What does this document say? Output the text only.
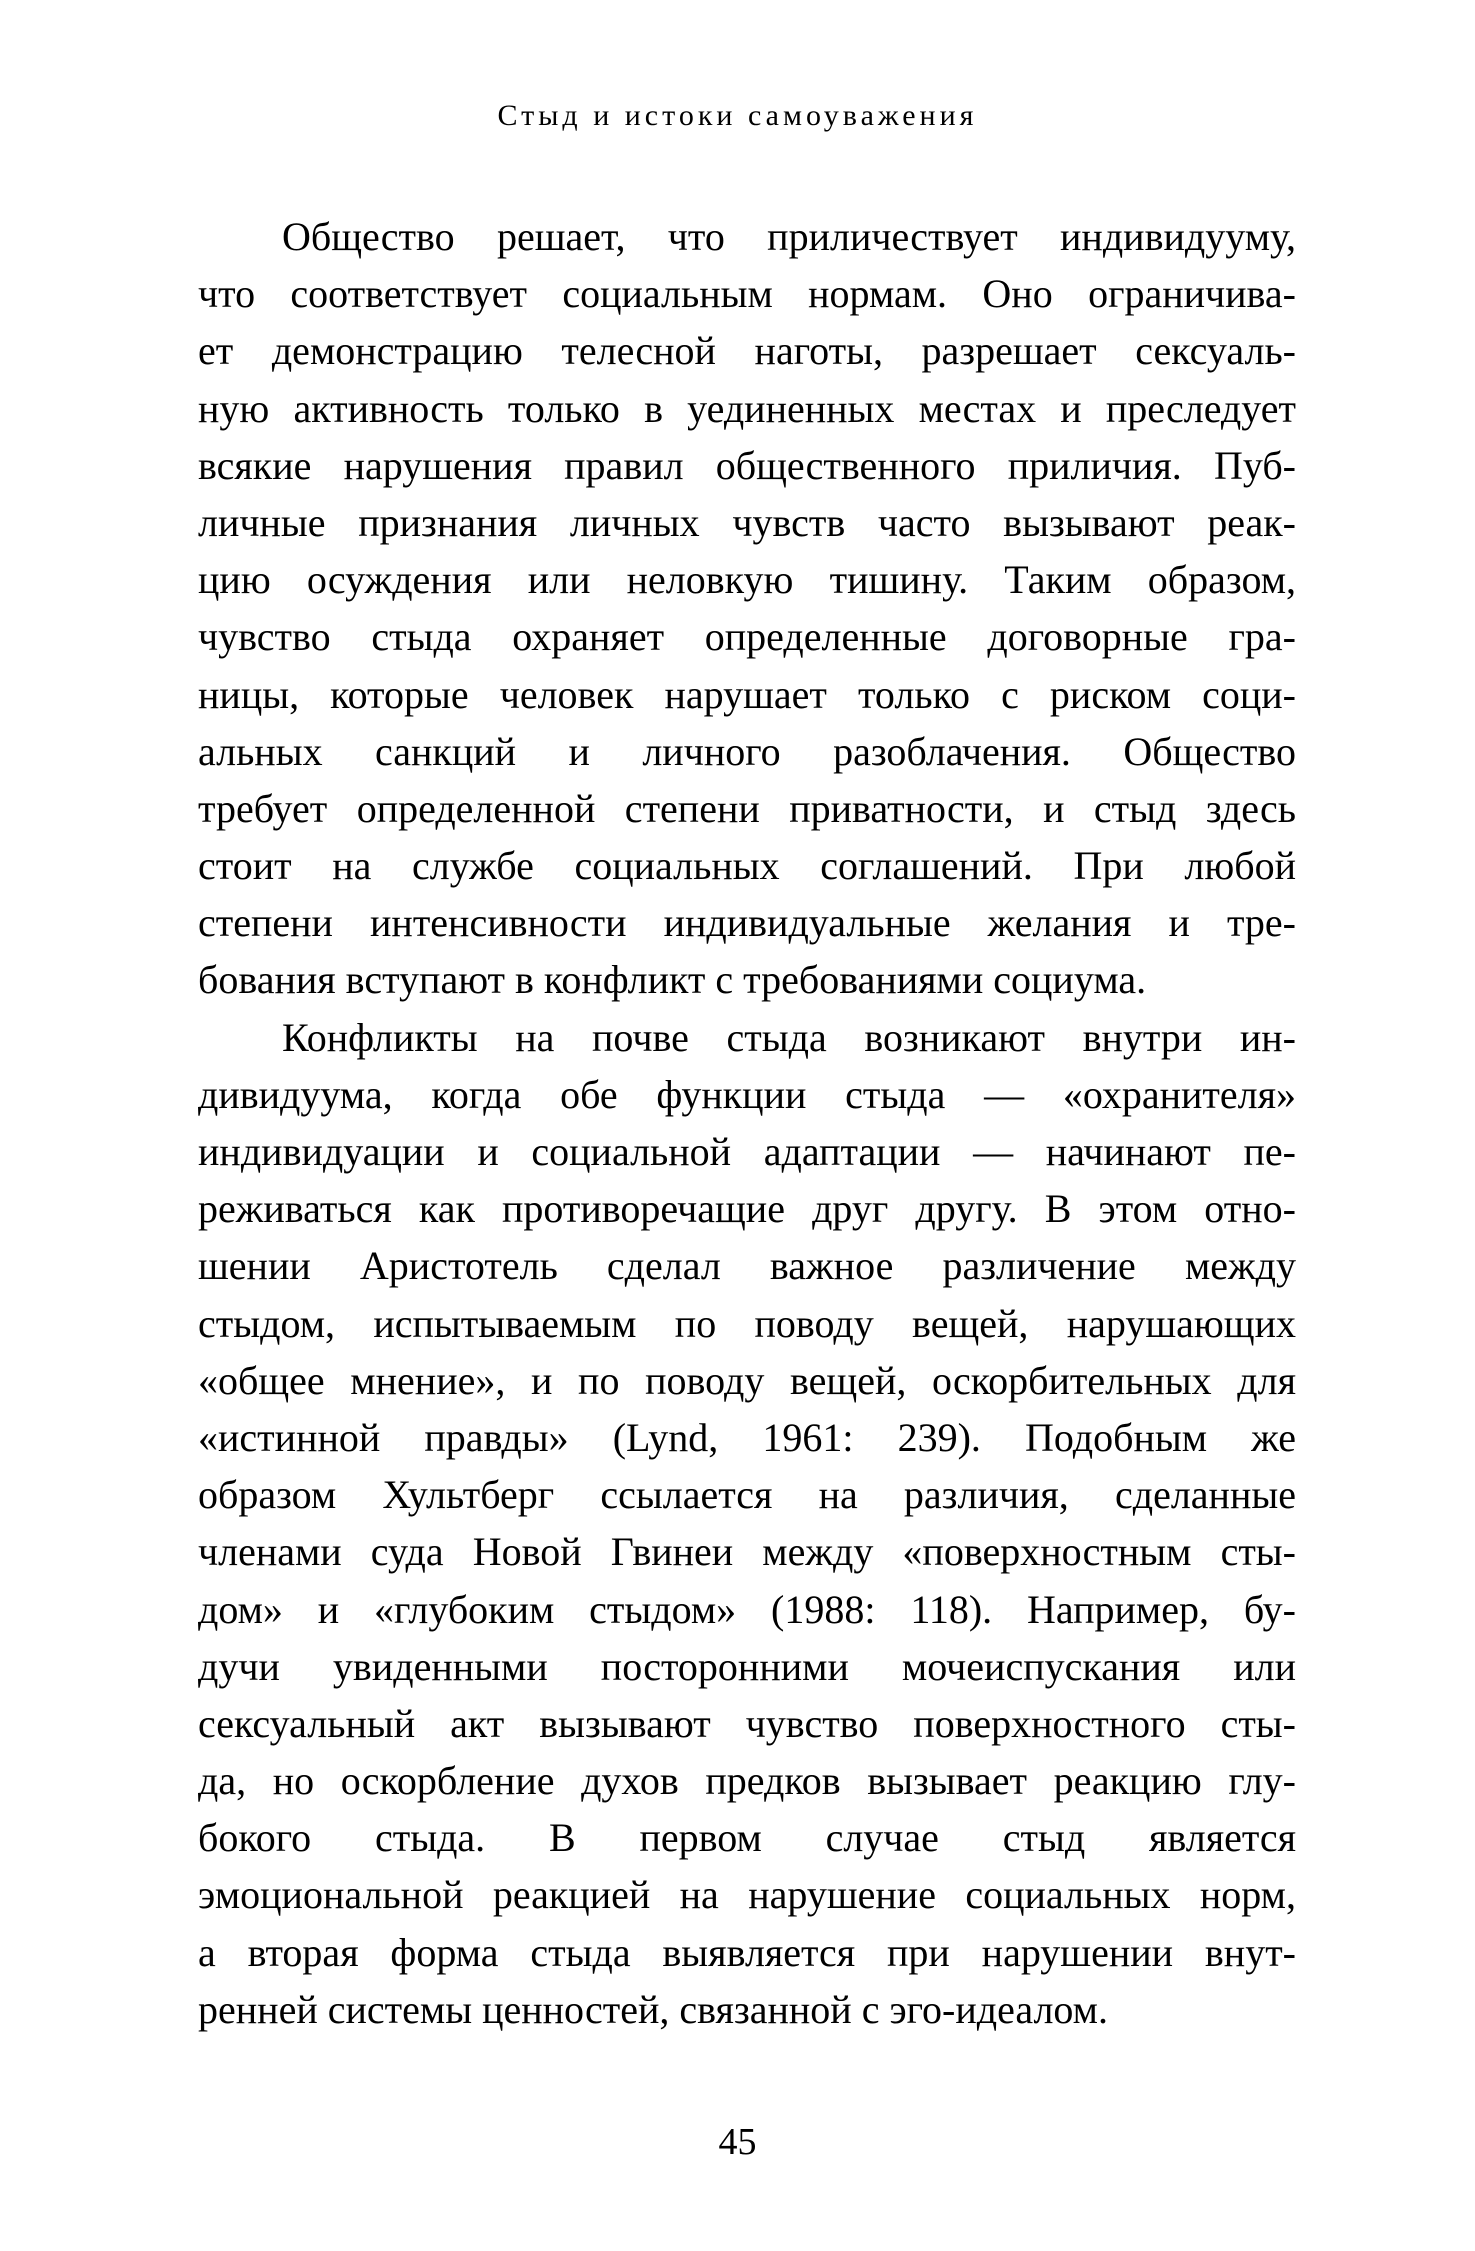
Стыд и истоки самоуважения
Общество решает, что приличествует индивидууму,
что соответствует социальным нормам. Оно ограничива-
ет демонстрацию телесной наготы, разрешает сексуаль-
ную активность только в уединенных местах и преследует
всякие нарушения правил общественного приличия. Пуб-
личные признания личных чувств часто вызывают реак-
цию осуждения или неловкую тишину. Таким образом,
чувство стыда охраняет определенные договорные гра-
ницы, которые человек нарушает только с риском соци-
альных санкций и личного разоблачения. Общество
требует определенной степени приватности, и стыд здесь
стоит на службе социальных соглашений. При любой
степени интенсивности индивидуальные желания и тре-
бования вступают в конфликт с требованиями социума.
Конфликты на почве стыда возникают внутри ин-
дивидуума, когда обе функции стыда — «охранителя»
индивидуации и социальной адаптации — начинают пе-
реживаться как противоречащие друг другу. В этом отно-
шении Аристотель сделал важное различение между
стыдом, испытываемым по поводу вещей, нарушающих
«общее мнение», и по поводу вещей, оскорбительных для
«истинной правды» (Lynd, 1961: 239). Подобным же
образом Хультберг ссылается на различия, сделанные
членами суда Новой Гвинеи между «поверхностным сты-
дом» и «глубоким стыдом» (1988: 118). Например, бу-
дучи увиденными посторонними мочеиспускания или
сексуальный акт вызывают чувство поверхностного сты-
да, но оскорбление духов предков вызывает реакцию глу-
бокого стыда. В первом случае стыд является
эмоциональной реакцией на нарушение социальных норм,
а вторая форма стыда выявляется при нарушении внут-
ренней системы ценностей, связанной с эго-идеалом.
45
